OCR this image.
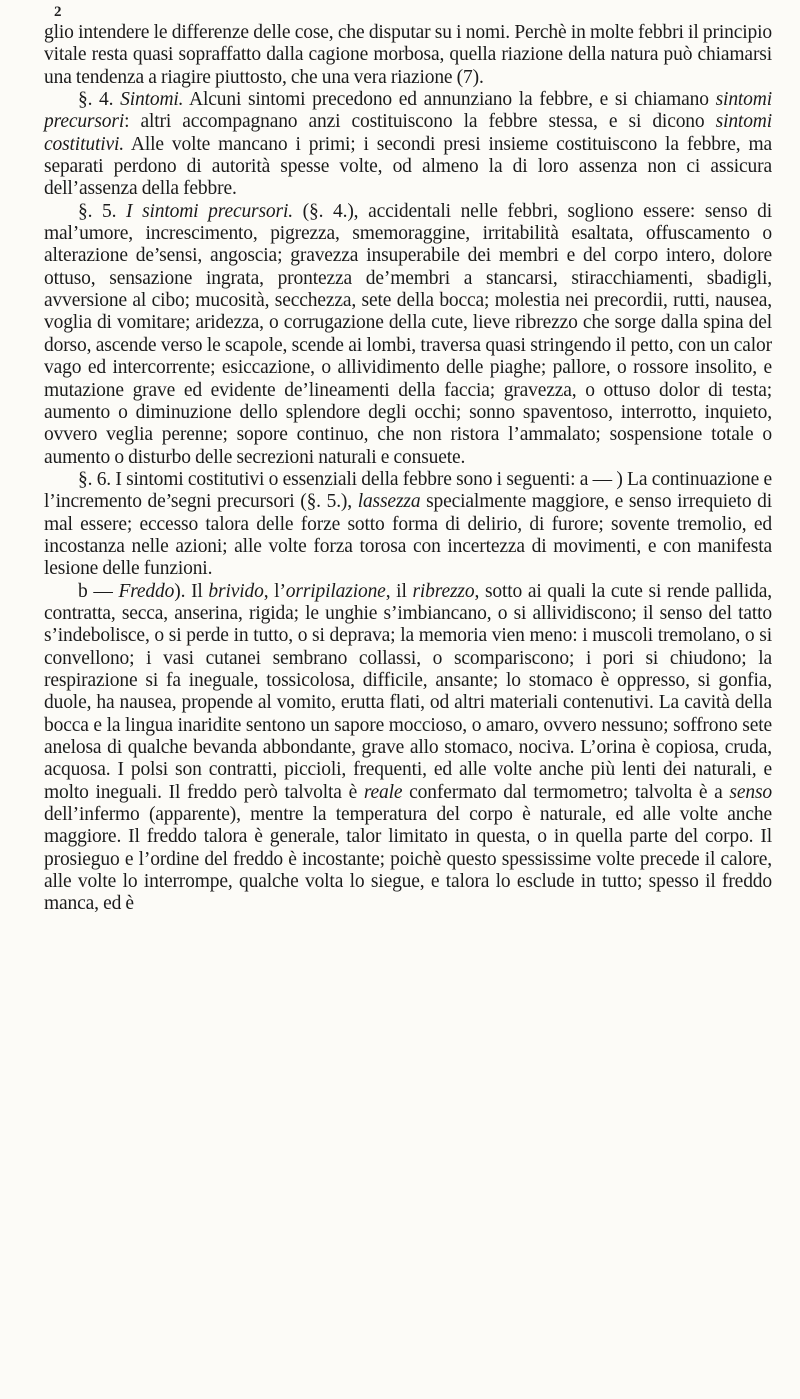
2

glio intendere le differenze delle cose, che disputar su i nomi. Perchè in molte febbri il principio vitale resta quasi sopraffatto dalla cagione morbosa, quella riazione della natura può chiamarsi una tendenza a riagire piuttosto, che una vera riazione (7).

§. 4. Sintomi. Alcuni sintomi precedono ed annunziano la febbre, e si chiamano sintomi precursori: altri accompagnano anzi costituiscono la febbre stessa, e si dicono sintomi costitutivi. Alle volte mancano i primi; i secondi presi insieme costituiscono la febbre, ma separati perdono di autorità spesse volte, od almeno la di loro assenza non ci assicura dell’assenza della febbre.

§. 5. I sintomi precursori. (§. 4.), accidentali nelle febbri, sogliono essere: senso di mal’umore, increscimento, pigrezza, smemoraggine, irritabilità esaltata, offuscamento o alterazione de’sensi, angoscia; gravezza insuperabile dei membri e del corpo intero, dolore ottuso, sensazione ingrata, prontezza de’membri a stancarsi, stiracchiamenti, sbadigli, avversione al cibo; mucosità, secchezza, sete della bocca; molestia nei precordii, rutti, nausea, voglia di vomitare; aridezza, o corrugazione della cute, lieve ribrezzo che sorge dalla spina del dorso, ascende verso le scapole, scende ai lombi, traversa quasi stringendo il petto, con un calor vago ed intercorrente; esiccazione, o allividimento delle piaghe; pallore, o rossore insolito, e mutazione grave ed evidente de’lineamenti della faccia; gravezza, o ottuso dolor di testa; aumento o diminuzione dello splendore degli occhi; sonno spaventoso, interrotto, inquieto, ovvero veglia perenne; sopore continuo, che non ristora l’ammalato; sospensione totale o aumento o disturbo delle secrezioni naturali e consuete.

§. 6. I sintomi costitutivi o essenziali della febbre sono i seguenti: a — ) La continuazione e l’incremento de’segni precursori (§. 5.), lassezza specialmente maggiore, e senso irrequieto di mal essere; eccesso talora delle forze sotto forma di delirio, di furore; sovente tremolio, ed incostanza nelle azioni; alle volte forza torosa con incertezza di movimenti, e con manifesta lesione delle funzioni.

b — Freddo). Il brivido, l’orripilazione, il ribrezzo, sotto ai quali la cute si rende pallida, contratta, secca, anserina, rigida; le unghie s’imbiancano, o si allividiscono; il senso del tatto s’indebolisce, o si perde in tutto, o si deprava; la memoria vien meno: i muscoli tremolano, o si convellono; i vasi cutanei sembrano collassi, o scompariscono; i pori si chiudono; la respirazione si fa ineguale, tossicolosa, difficile, ansante; lo stomaco è oppresso, si gonfia, duole, ha nausea, propende al vomito, erutta flati, od altri materiali contenutivi. La cavità della bocca e la lingua inaridite sentono un sapore moccioso, o amaro, ovvero nessuno; soffrono sete anelosa di qualche bevanda abbondante, grave allo stomaco, nociva. L’orina è copiosa, cruda, acquosa. I polsi son contratti, piccioli, frequenti, ed alle volte anche più lenti dei naturali, e molto ineguali. Il freddo però talvolta è reale confermato dal termometro; talvolta è a senso dell’infermo (apparente), mentre la temperatura del corpo è naturale, ed alle volte anche maggiore. Il freddo talora è generale, talor limitato in questa, o in quella parte del corpo. Il prosieguo e l’ordine del freddo è incostante; poichè questo spessissime volte precede il calore, alle volte lo interrompe, qualche volta lo siegue, e talora lo esclude in tutto; spesso il freddo manca, ed è
